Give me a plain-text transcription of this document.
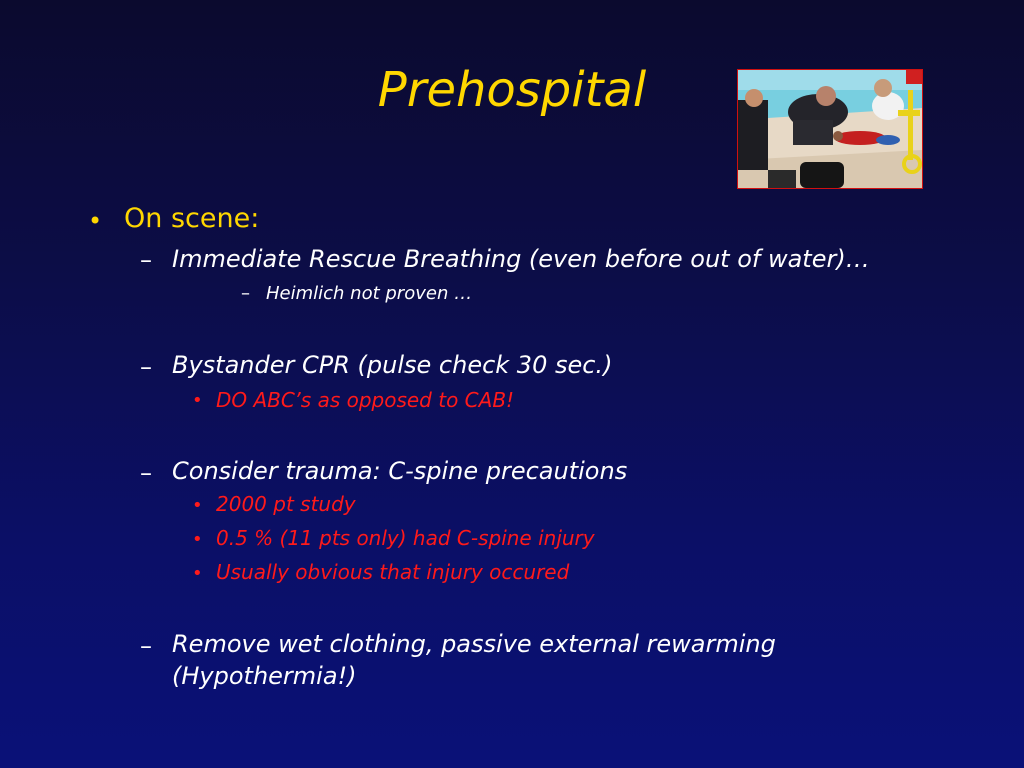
Prehospital
• On scene:
– Immediate Rescue Breathing (even before out of water)…
– Heimlich not proven …
– Bystander CPR (pulse check 30 sec.)
• DO ABC’s as opposed to CAB!
– Consider trauma: C-spine precautions
• 2000 pt study
• 0.5 % (11 pts only) had C-spine injury
• Usually obvious that injury occured
– Remove wet clothing, passive external rewarming
(Hypothermia!)
